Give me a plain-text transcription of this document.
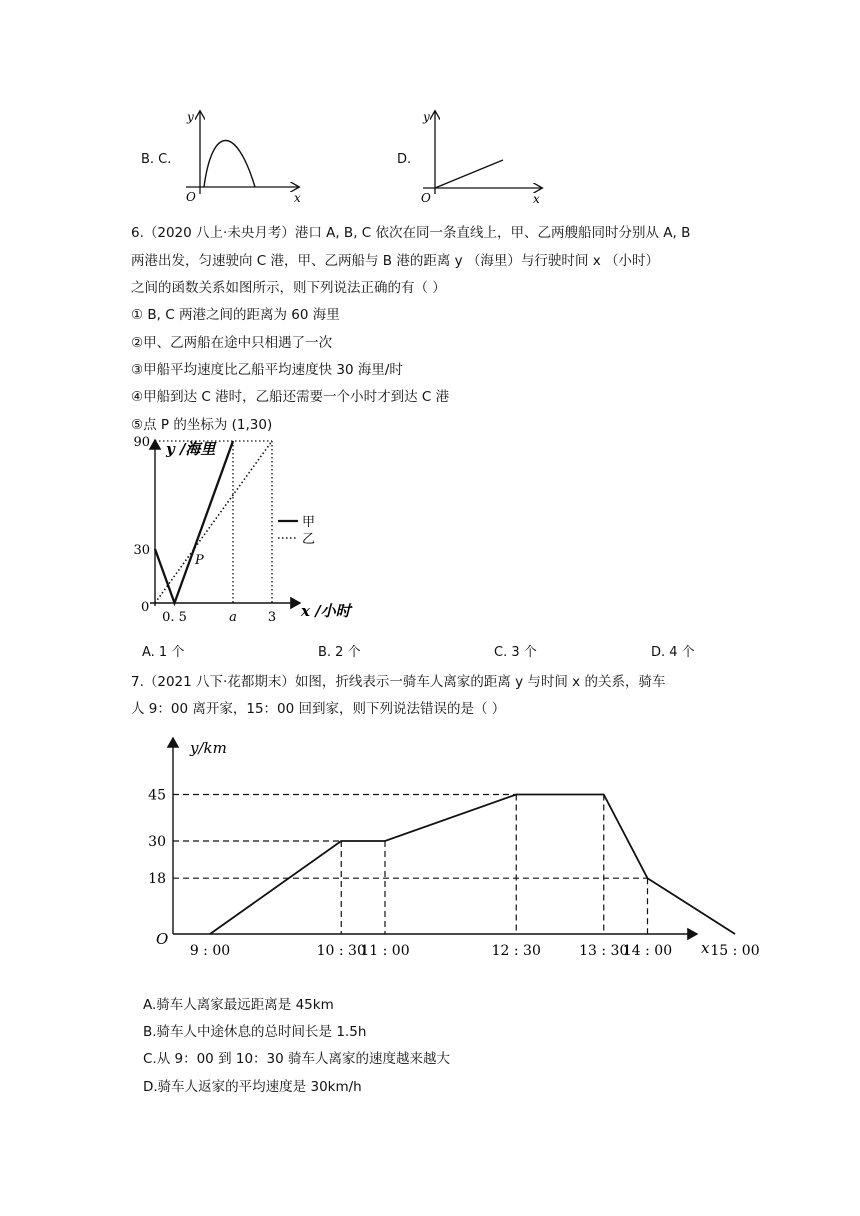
B. C.
y
x
O
D.
y
x
O
6.（2020 八上·未央月考）港口 A, B, C 依次在同一条直线上，甲、乙两艘船同时分别从 A, B
两港出发，匀速驶向 C 港，甲、乙两船与 B 港的距离 y （海里）与行驶时间 x （小时）
之间的函数关系如图所示，则下列说法正确的有（ ）
① B, C 两港之间的距离为 60 海里
②甲、乙两船在途中只相遇了一次
③甲船平均速度比乙船平均速度快 30 海里/时
④甲船到达 C 港时，乙船还需要一个小时才到达 C 港
⑤点 P 的坐标为 (1,30)
0. 5	a 3
30
90
P
y /海里
x /小时
0
甲
乙
A. 1 个	B. 2 个	C. 3 个	D. 4 个
7.（2021 八下·花都期末）如图，折线表示一骑车人离家的距离 y 与时间 x 的关系，骑车
人 9：00 离开家，15：00 回到家，则下列说法错误的是（ ）
9 : 00	10 : 30
11 : 00	12 : 30	13 : 30
14 : 00	15 : 00
18
30
45
y/km
x
O
A.骑车人离家最远距离是 45km
B.骑车人中途休息的总时间长是 1.5h
C.从 9：00 到 10：30 骑车人离家的速度越来越大
D.骑车人返家的平均速度是 30km/h
